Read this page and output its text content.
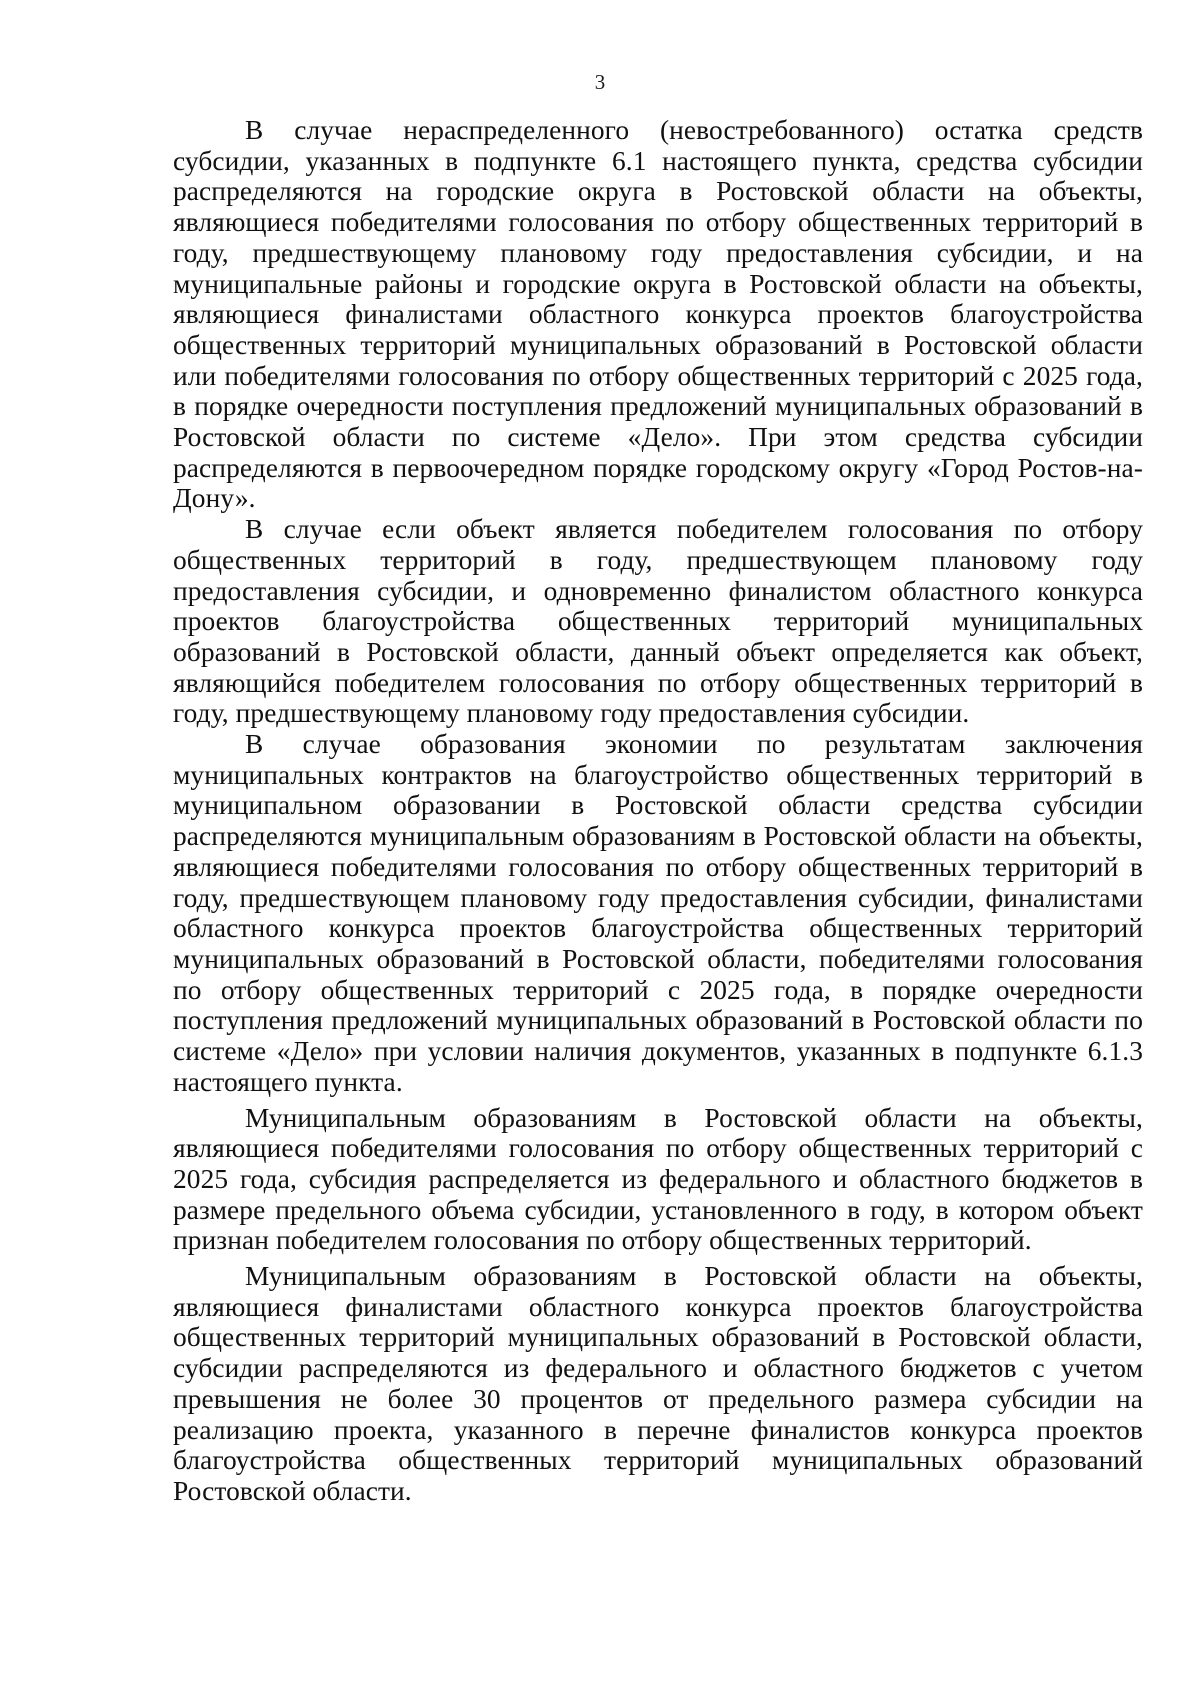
3

В случае нераспределенного (невостребованного) остатка средств субсидии, указанных в подпункте 6.1 настоящего пункта, средства субсидии распределяются на городские округа в Ростовской области на объекты, являющиеся победителями голосования по отбору общественных территорий в году, предшествующему плановому году предоставления субсидии, и на муниципальные районы и городские округа в Ростовской области на объекты, являющиеся финалистами областного конкурса проектов благоустройства общественных территорий муниципальных образований в Ростовской области или победителями голосования по отбору общественных территорий с 2025 года, в порядке очередности поступления предложений муниципальных образований в Ростовской области по системе «Дело». При этом средства субсидии распределяются в первоочередном порядке городскому округу «Город Ростов-на-Дону».

В случае если объект является победителем голосования по отбору общественных территорий в году, предшествующем плановому году предоставления субсидии, и одновременно финалистом областного конкурса проектов благоустройства общественных территорий муниципальных образований в Ростовской области, данный объект определяется как объект, являющийся победителем голосования по отбору общественных территорий в году, предшествующему плановому году предоставления субсидии.

В случае образования экономии по результатам заключения муниципальных контрактов на благоустройство общественных территорий в муниципальном образовании в Ростовской области средства субсидии распределяются муниципальным образованиям в Ростовской области на объекты, являющиеся победителями голосования по отбору общественных территорий в году, предшествующем плановому году предоставления субсидии, финалистами областного конкурса проектов благоустройства общественных территорий муниципальных образований в Ростовской области, победителями голосования по отбору общественных территорий с 2025 года, в порядке очередности поступления предложений муниципальных образований в Ростовской области по системе «Дело» при условии наличия документов, указанных в подпункте 6.1.3 настоящего пункта.

Муниципальным образованиям в Ростовской области на объекты, являющиеся победителями голосования по отбору общественных территорий с 2025 года, субсидия распределяется из федерального и областного бюджетов в размере предельного объема субсидии, установленного в году, в котором объект признан победителем голосования по отбору общественных территорий.

Муниципальным образованиям в Ростовской области на объекты, являющиеся финалистами областного конкурса проектов благоустройства общественных территорий муниципальных образований в Ростовской области, субсидии распределяются из федерального и областного бюджетов с учетом превышения не более 30 процентов от предельного размера субсидии на реализацию проекта, указанного в перечне финалистов конкурса проектов благоустройства общественных территорий муниципальных образований Ростовской области.
